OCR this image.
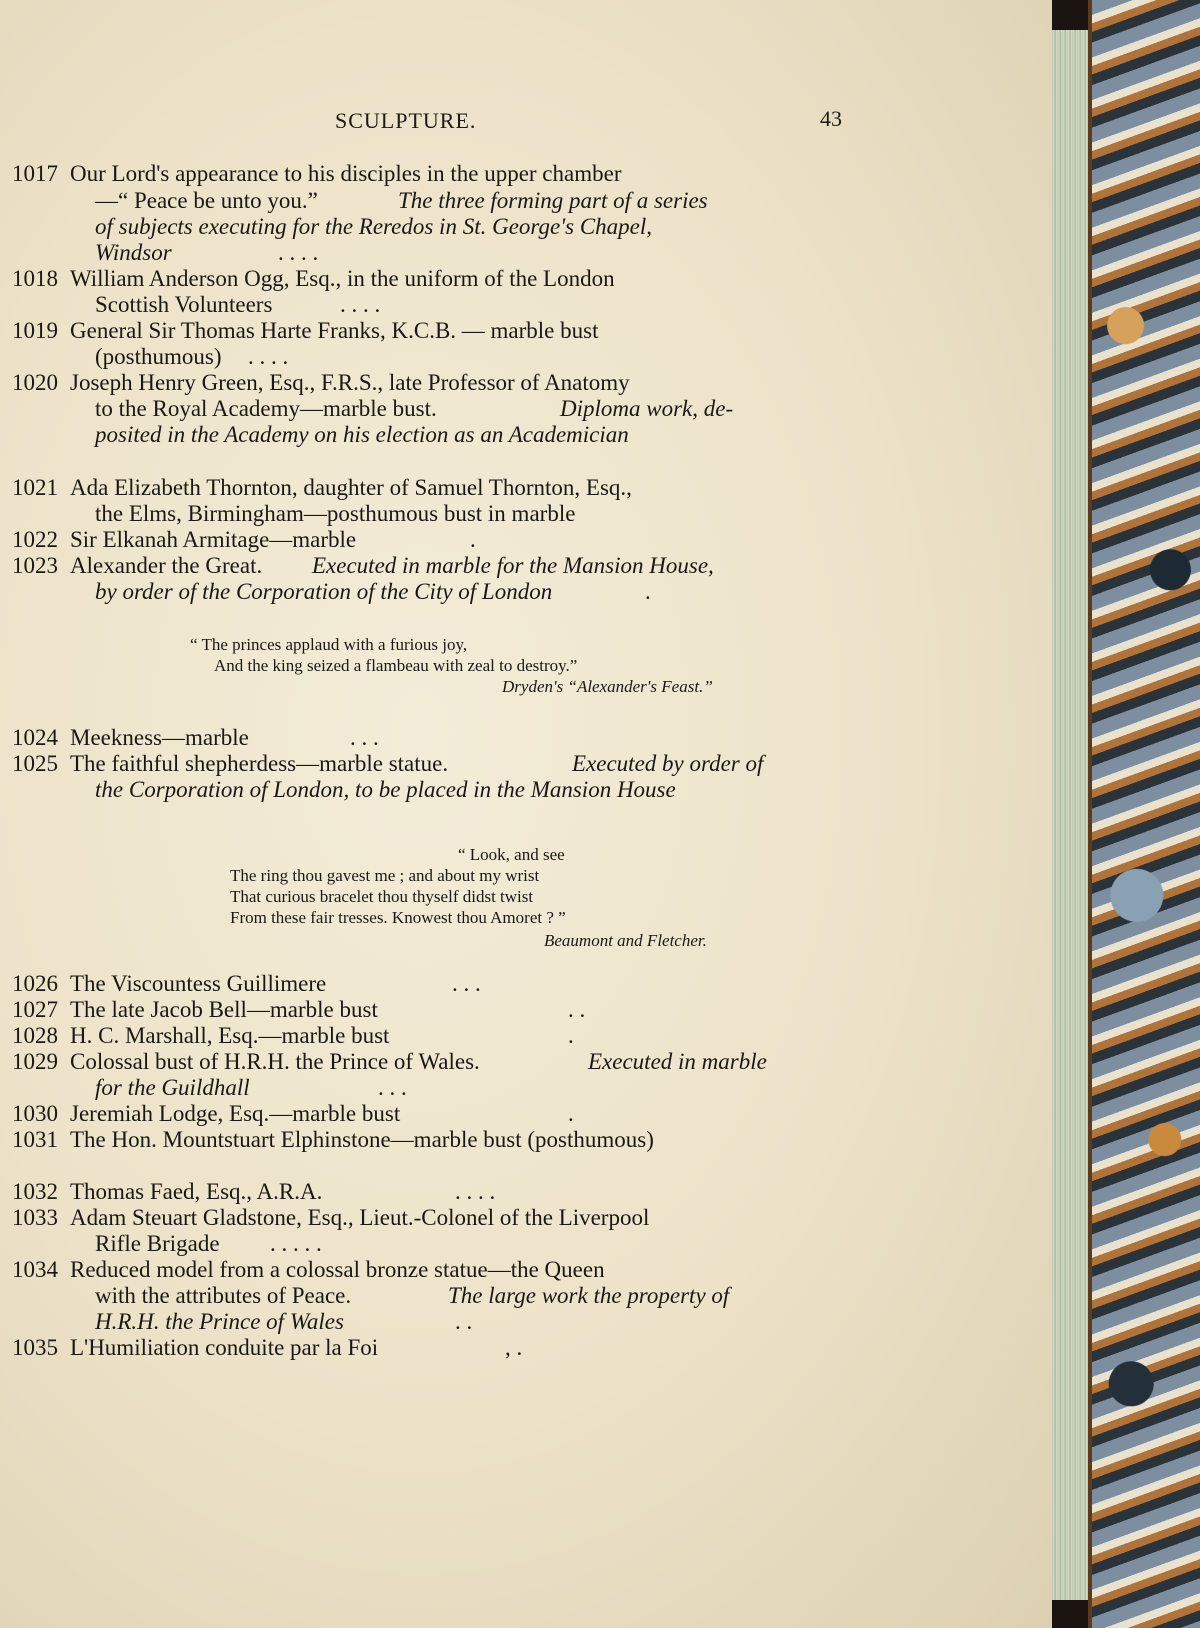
SCULPTURE.	43
1017 Our Lord's appearance to his disciples in the upper chamber
—“ Peace be unto you.”	The three forming part of a series
of subjects executing for the Reredos in St. George's Chapel,
Windsor	. . . .
1018 William Anderson Ogg, Esq., in the uniform of the London
Scottish Volunteers	. . . .
1019 General Sir Thomas Harte Franks, K.C.B. — marble bust
(posthumous) . . . .
1020 Joseph Henry Green, Esq., F.R.S., late Professor of Anatomy
to the Royal Academy—marble bust.	Diploma work, de-
posited in the Academy on his election as an Academician
1021 Ada Elizabeth Thornton, daughter of Samuel Thornton, Esq.,
the Elms, Birmingham—posthumous bust in marble
1022 Sir Elkanah Armitage—marble	.
1023 Alexander the Great. Executed in marble for the Mansion House,
by order of the Corporation of the City of London	.
“ The princes applaud with a furious joy,
And the king seized a flambeau with zeal to destroy.”
Dryden's “Alexander's Feast.”
1024 Meekness—marble	. . .
1025 The faithful shepherdess—marble statue.	Executed by order of
the Corporation of London, to be placed in the Mansion House
“ Look, and see
The ring thou gavest me ; and about my wrist
That curious bracelet thou thyself didst twist
From these fair tresses. Knowest thou Amoret ? ”
Beaumont and Fletcher.
1026 The Viscountess Guillimere	. . .
1027 The late Jacob Bell—marble bust	. .
1028 H. C. Marshall, Esq.—marble bust	.
1029 Colossal bust of H.R.H. the Prince of Wales.	Executed in marble
for the Guildhall	. . .
1030 Jeremiah Lodge, Esq.—marble bust	.
1031 The Hon. Mountstuart Elphinstone—marble bust (posthumous)
1032 Thomas Faed, Esq., A.R.A.	. . . .
1033 Adam Steuart Gladstone, Esq., Lieut.-Colonel of the Liverpool
Rifle Brigade . . . . .
1034 Reduced model from a colossal bronze statue—the Queen
with the attributes of Peace.	The large work the property of
H.R.H. the Prince of Wales	. .
1035 L'Humiliation conduite par la Foi	, .
